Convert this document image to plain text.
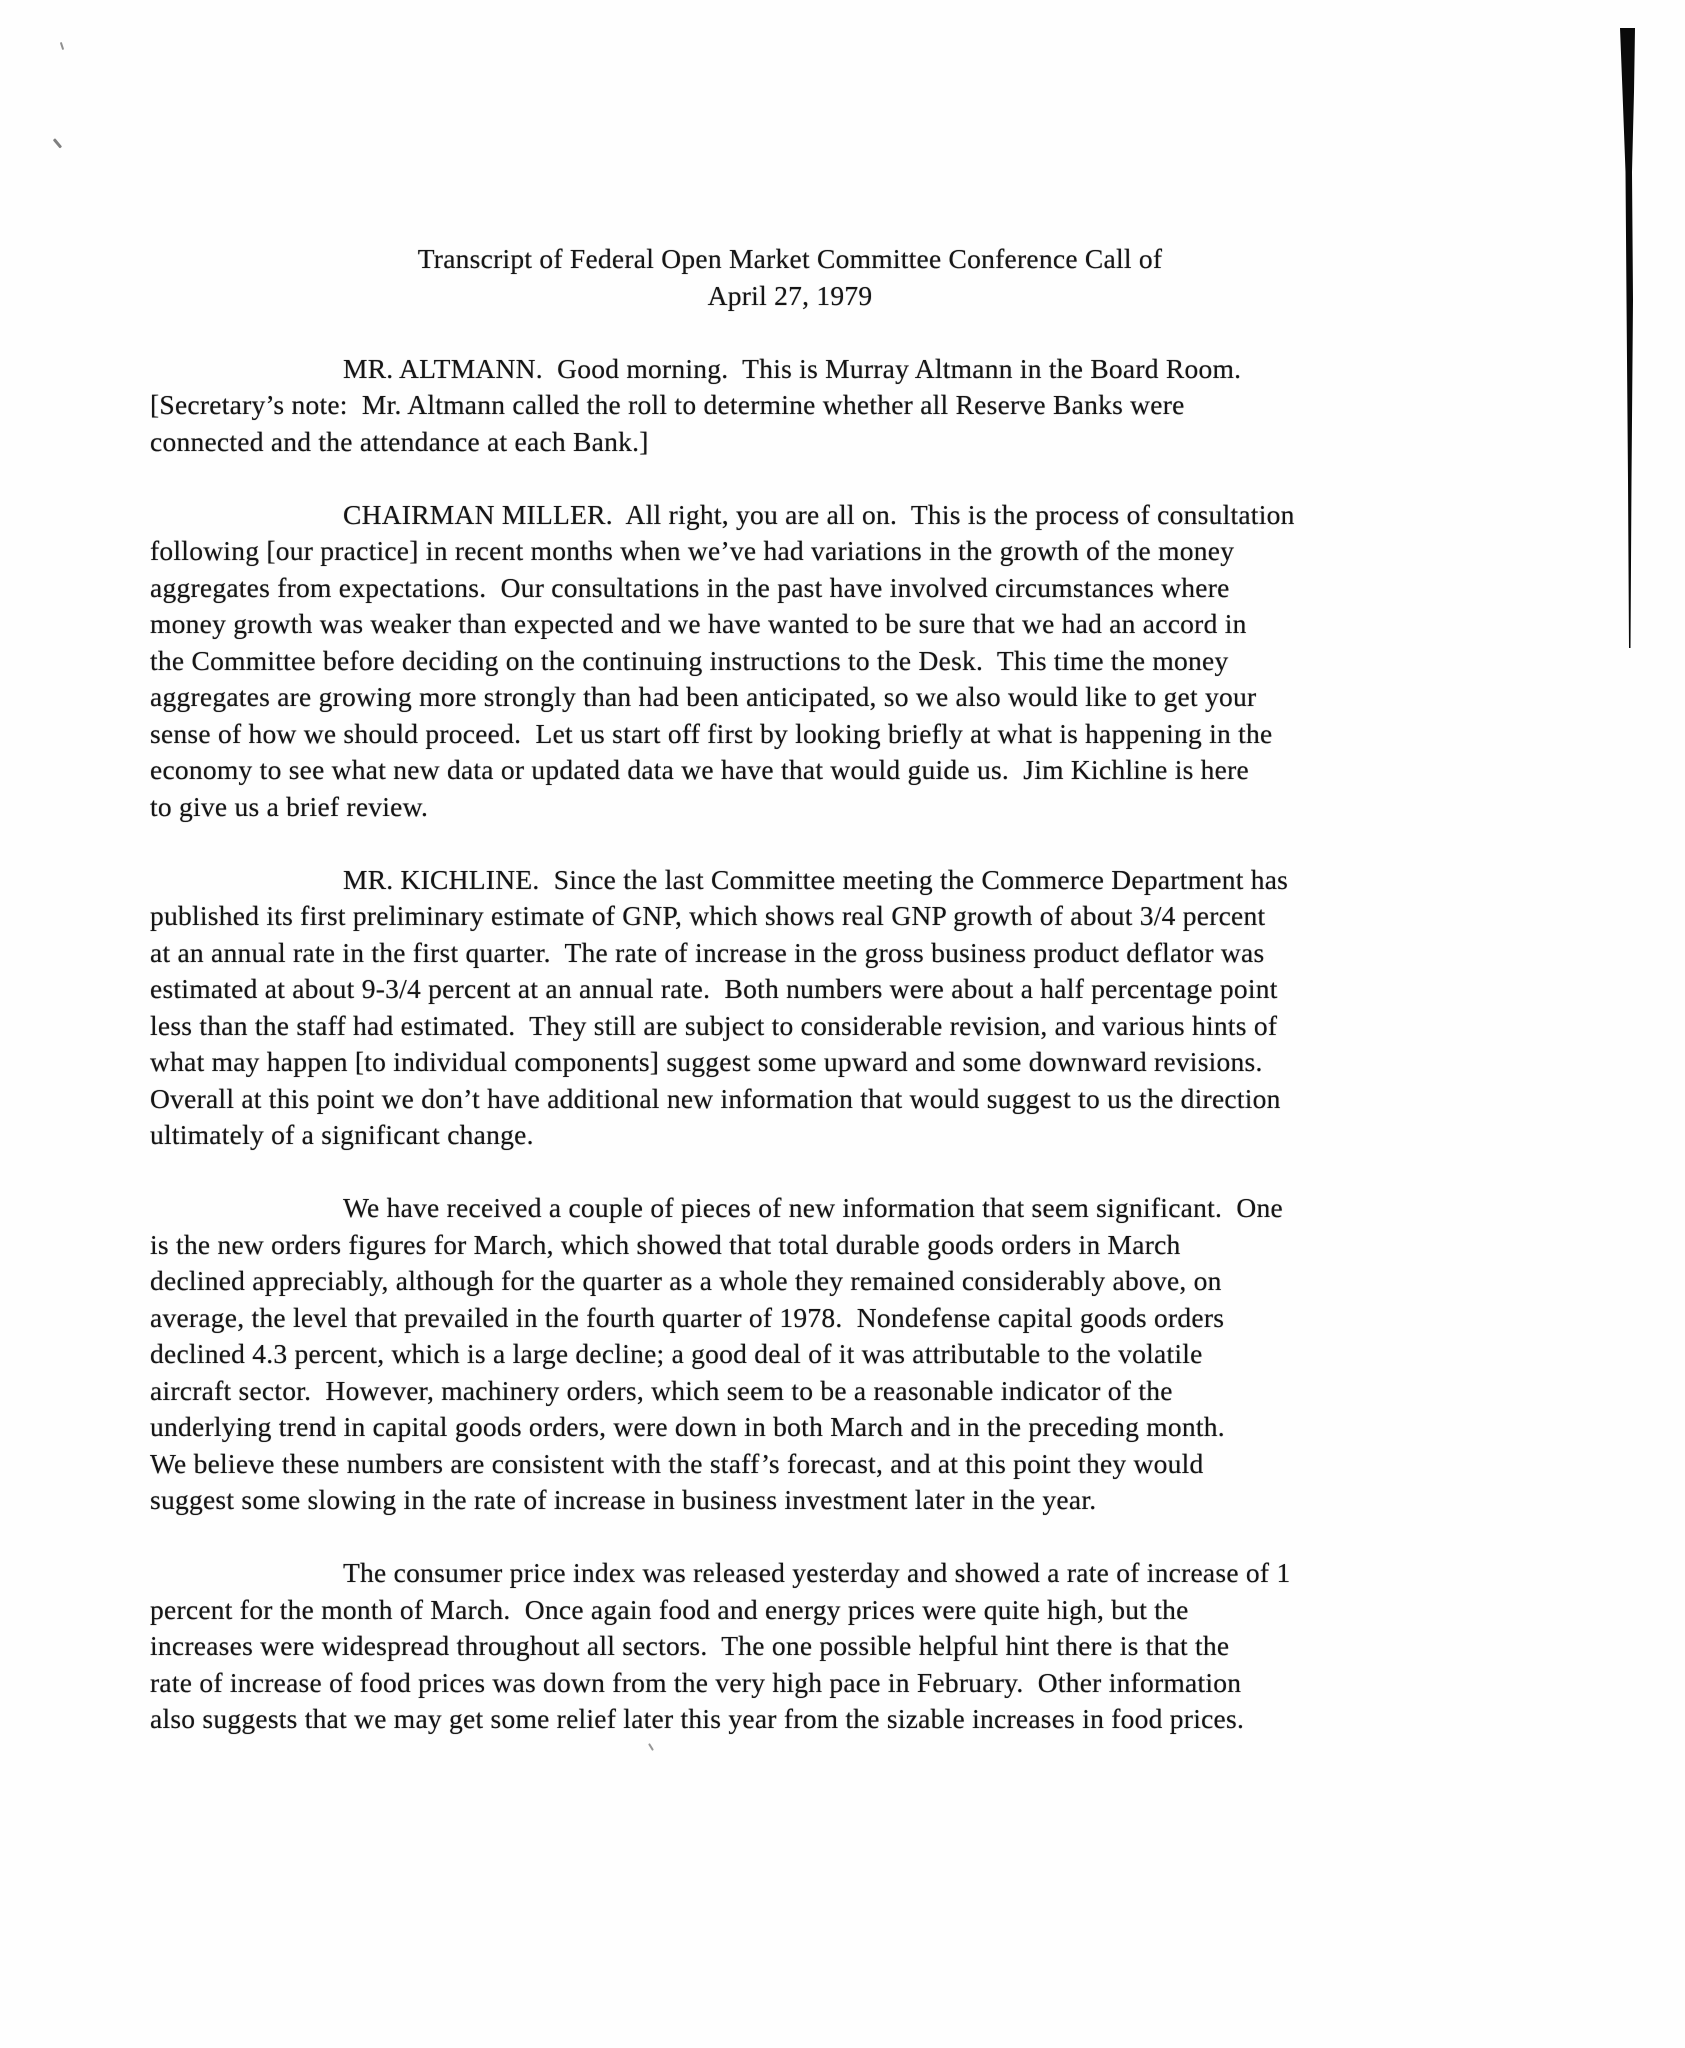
Transcript of Federal Open Market Committee Conference Call of
April 27, 1979
MR. ALTMANN.  Good morning.  This is Murray Altmann in the Board Room.
[Secretary’s note:  Mr. Altmann called the roll to determine whether all Reserve Banks were
connected and the attendance at each Bank.]
CHAIRMAN MILLER.  All right, you are all on.  This is the process of consultation
following [our practice] in recent months when we’ve had variations in the growth of the money
aggregates from expectations.  Our consultations in the past have involved circumstances where
money growth was weaker than expected and we have wanted to be sure that we had an accord in
the Committee before deciding on the continuing instructions to the Desk.  This time the money
aggregates are growing more strongly than had been anticipated, so we also would like to get your
sense of how we should proceed.  Let us start off first by looking briefly at what is happening in the
economy to see what new data or updated data we have that would guide us.  Jim Kichline is here
to give us a brief review.
MR. KICHLINE.  Since the last Committee meeting the Commerce Department has
published its first preliminary estimate of GNP, which shows real GNP growth of about 3/4 percent
at an annual rate in the first quarter.  The rate of increase in the gross business product deflator was
estimated at about 9-3/4 percent at an annual rate.  Both numbers were about a half percentage point
less than the staff had estimated.  They still are subject to considerable revision, and various hints of
what may happen [to individual components] suggest some upward and some downward revisions.
Overall at this point we don’t have additional new information that would suggest to us the direction
ultimately of a significant change.
We have received a couple of pieces of new information that seem significant.  One
is the new orders figures for March, which showed that total durable goods orders in March
declined appreciably, although for the quarter as a whole they remained considerably above, on
average, the level that prevailed in the fourth quarter of 1978.  Nondefense capital goods orders
declined 4.3 percent, which is a large decline; a good deal of it was attributable to the volatile
aircraft sector.  However, machinery orders, which seem to be a reasonable indicator of the
underlying trend in capital goods orders, were down in both March and in the preceding month.
We believe these numbers are consistent with the staff’s forecast, and at this point they would
suggest some slowing in the rate of increase in business investment later in the year.
The consumer price index was released yesterday and showed a rate of increase of 1
percent for the month of March.  Once again food and energy prices were quite high, but the
increases were widespread throughout all sectors.  The one possible helpful hint there is that the
rate of increase of food prices was down from the very high pace in February.  Other information
also suggests that we may get some relief later this year from the sizable increases in food prices.
